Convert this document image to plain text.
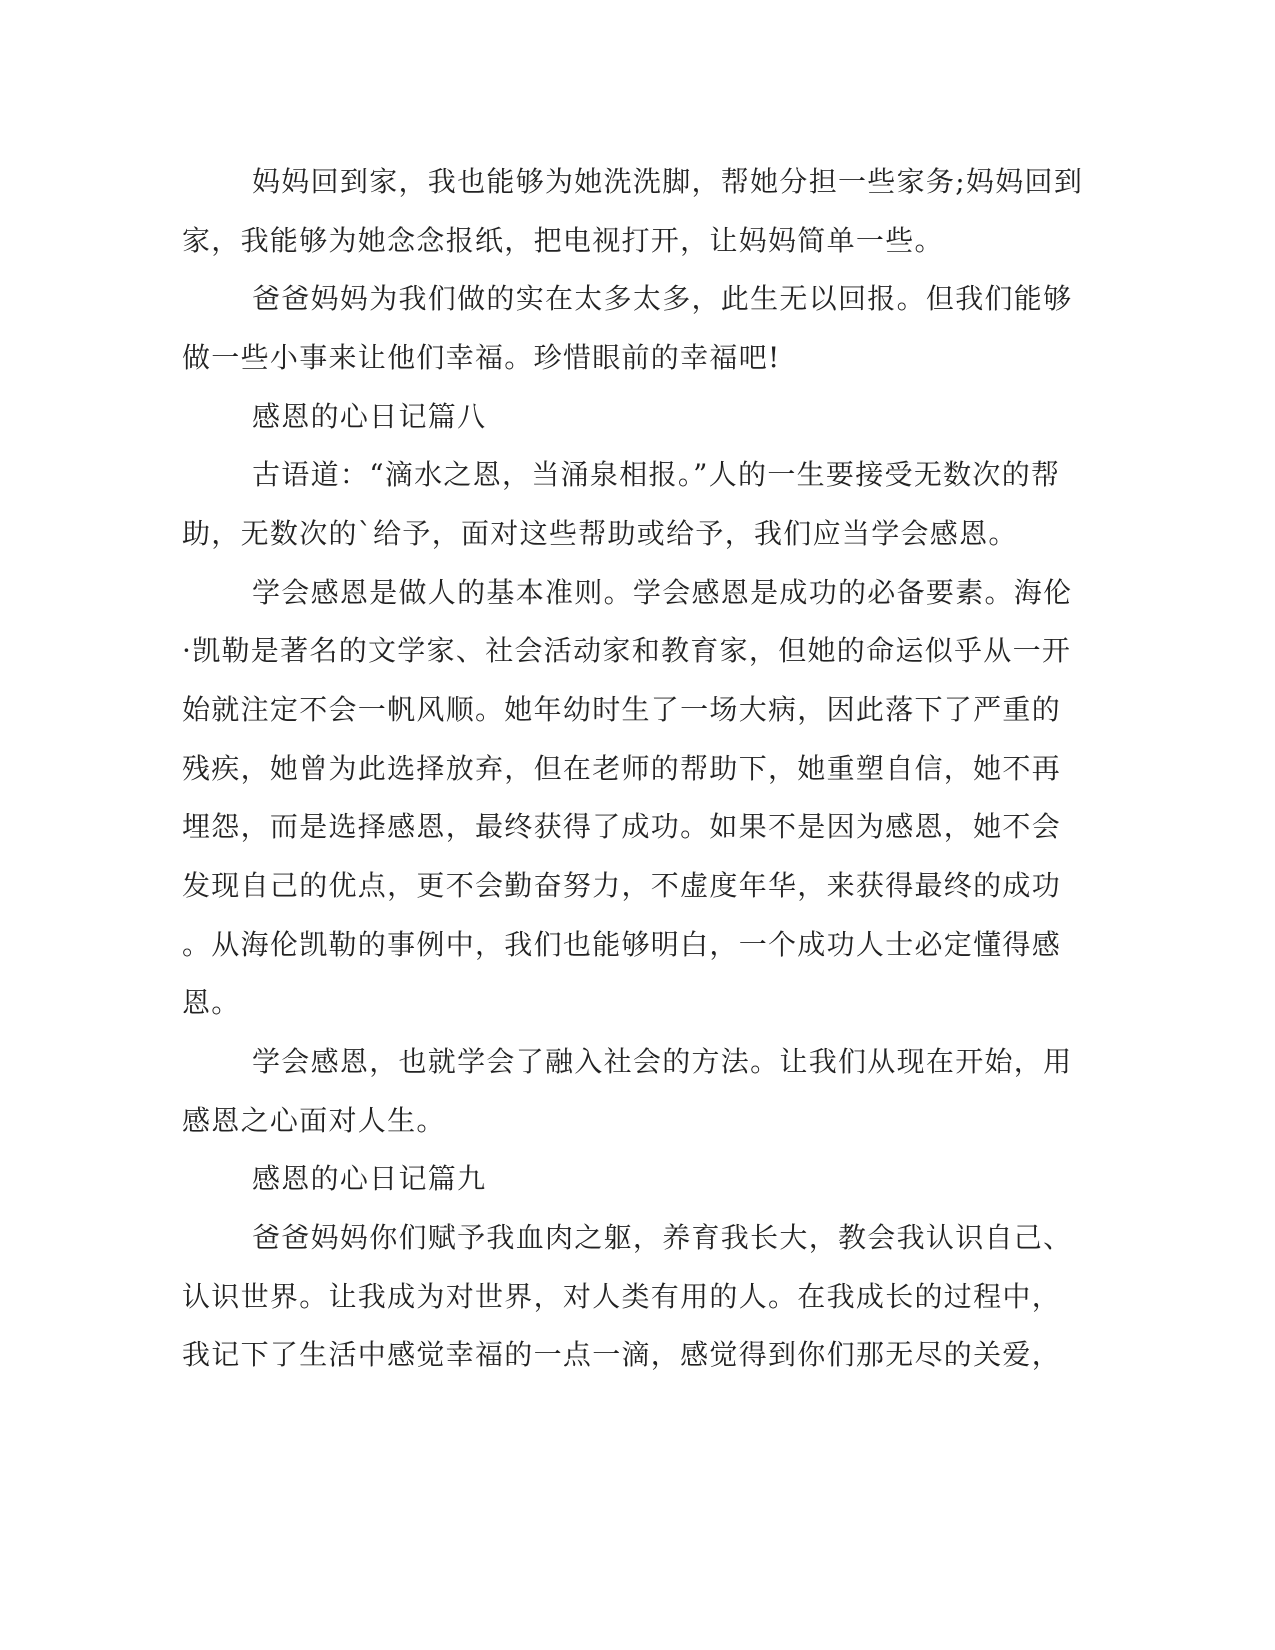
妈妈回到家，我也能够为她洗洗脚，帮她分担一些家务;妈妈回到
家，我能够为她念念报纸，把电视打开，让妈妈简单一些。
爸爸妈妈为我们做的实在太多太多，此生无以回报。但我们能够
做一些小事来让他们幸福。珍惜眼前的幸福吧!
感恩的心日记篇八
古语道：“滴水之恩，当涌泉相报。”人的一生要接受无数次的帮
助，无数次的`给予，面对这些帮助或给予，我们应当学会感恩。
学会感恩是做人的基本准则。学会感恩是成功的必备要素。海伦
·凯勒是著名的文学家、社会活动家和教育家，但她的命运似乎从一开
始就注定不会一帆风顺。她年幼时生了一场大病，因此落下了严重的
残疾，她曾为此选择放弃，但在老师的帮助下，她重塑自信，她不再
埋怨，而是选择感恩，最终获得了成功。如果不是因为感恩，她不会
发现自己的优点，更不会勤奋努力，不虚度年华，来获得最终的成功
。从海伦凯勒的事例中，我们也能够明白，一个成功人士必定懂得感
恩。
学会感恩，也就学会了融入社会的方法。让我们从现在开始，用
感恩之心面对人生。
感恩的心日记篇九
爸爸妈妈你们赋予我血肉之躯，养育我长大，教会我认识自己、
认识世界。让我成为对世界，对人类有用的人。在我成长的过程中，
我记下了生活中感觉幸福的一点一滴，感觉得到你们那无尽的关爱，
